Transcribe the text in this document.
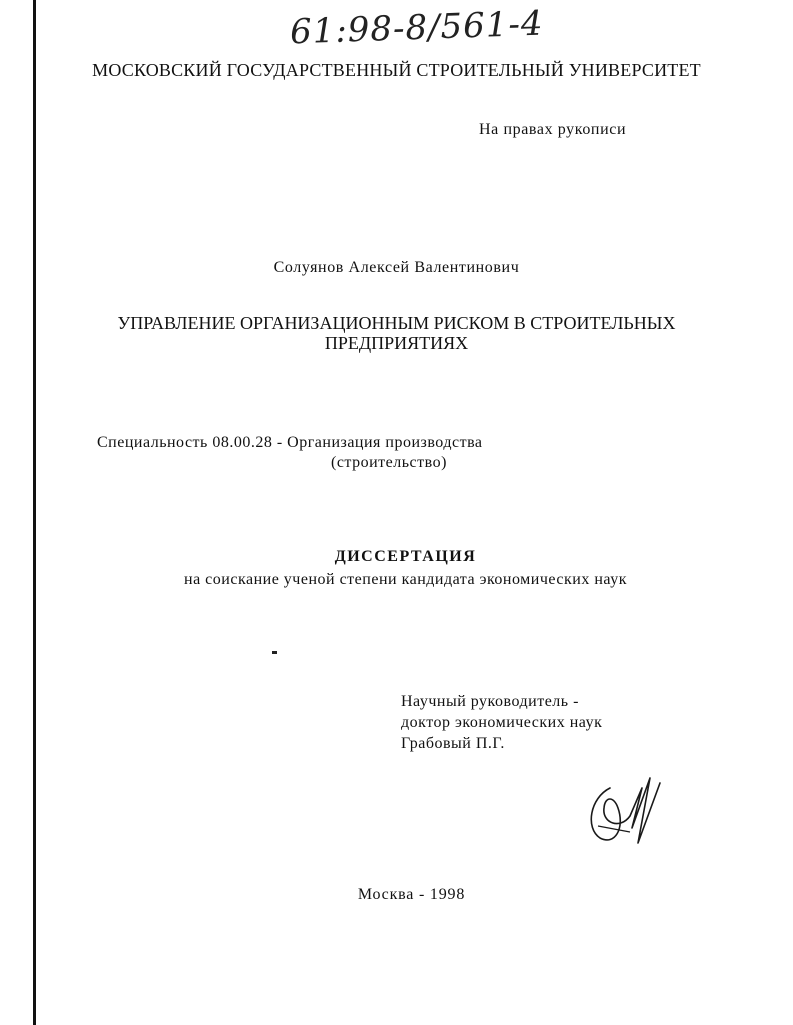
61:98-8/561-4
МОСКОВСКИЙ ГОСУДАРСТВЕННЫЙ СТРОИТЕЛЬНЫЙ УНИВЕРСИТЕТ
На правах рукописи
Солуянов Алексей Валентинович
УПРАВЛЕНИЕ ОРГАНИЗАЦИОННЫМ РИСКОМ В СТРОИТЕЛЬНЫХ
ПРЕДПРИЯТИЯХ
Специальность 08.00.28 - Организация производства
(строительство)
ДИССЕРТАЦИЯ
на соискание ученой степени кандидата экономических наук
Научный руководитель -
доктор экономических наук
Грабовый П.Г.
Москва - 1998
